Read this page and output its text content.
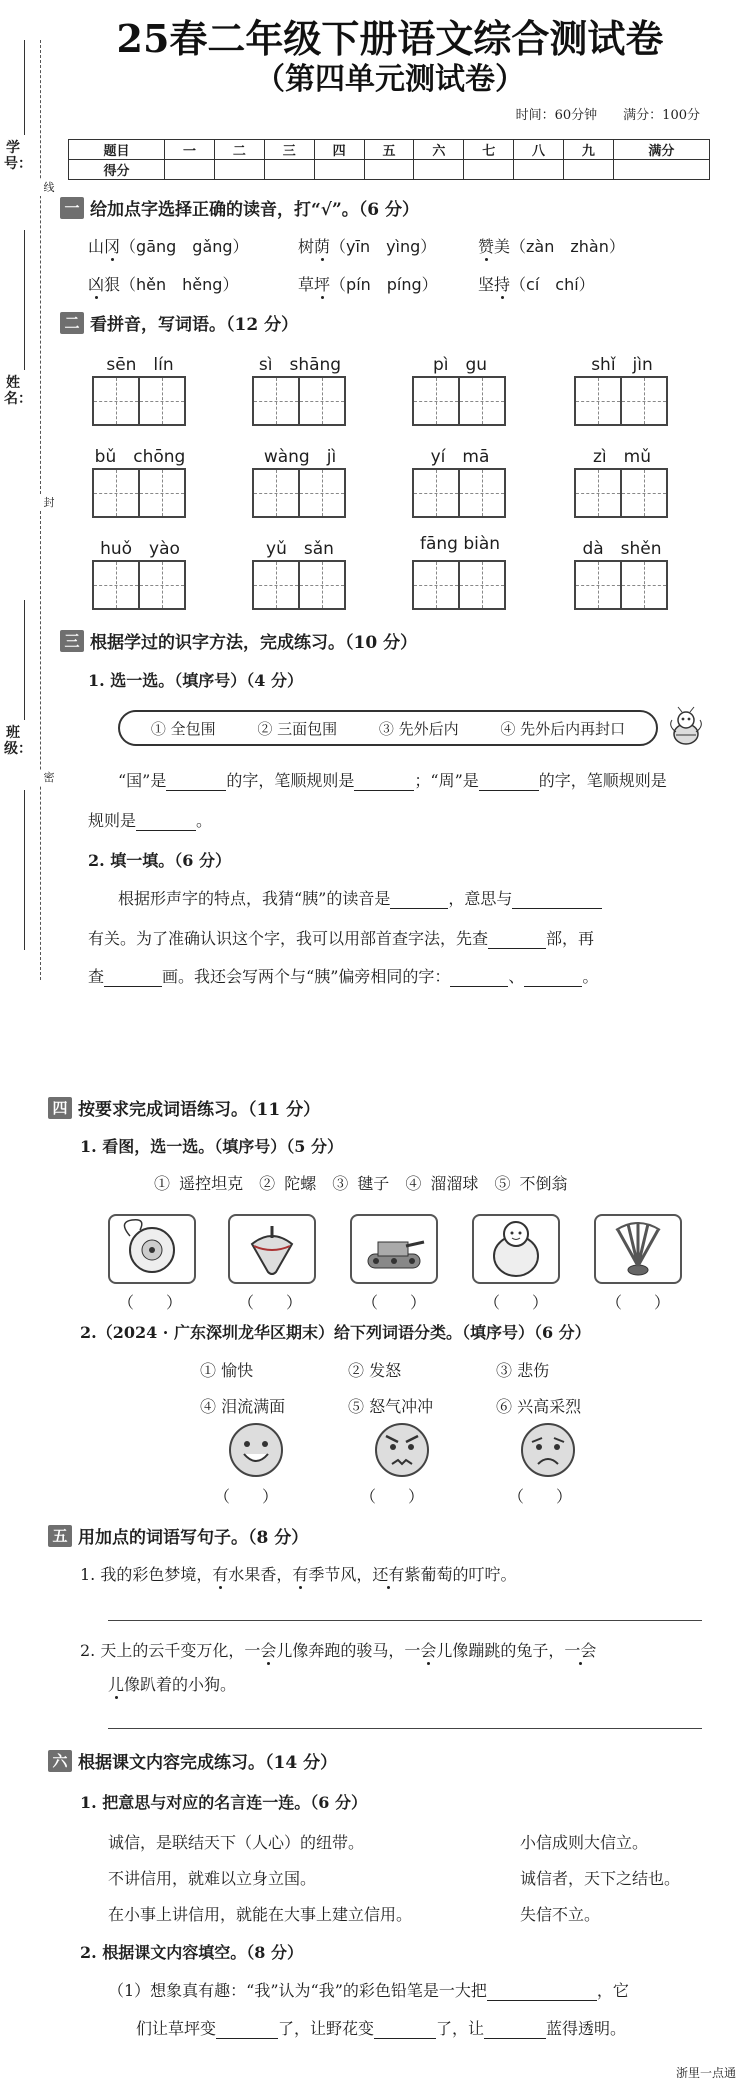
学号：
线
姓名：
封
班级：
密
25春二年级下册语文综合测试卷
（第四单元测试卷）
时间：60分钟　　 满分：100分
题目	一	二	三	四	五	六	七	八	九	满分
得分										
一 给加点字选择正确的读音，打“√”。（6 分）
山冈（gāng　gǎng）	树荫（yīn　yìng）	赞美（zàn　zhàn）
凶狠（hěn　hěng）	草坪（pín　píng）	坚持（cí　chí）
二 看拼音，写词语。（12 分）
sēn　lín	sì　shāng	pì　gu	shǐ　jìn
bǔ　chōng	wàng　jì	yí　mā	zì　mǔ
huǒ　yào	yǔ　sǎn	fāng biàn	dà　shěn
三 根据学过的识字方法，完成练习。（10 分）
1. 选一选。（填序号）（4 分）
① 全包围	② 三面包围	③ 先外后内	④ 先外后内再封口
“国”是	的字，笔顺规则是	；“周”是	的字，笔顺规则是
规则是	。
2. 填一填。（6 分）
根据形声字的特点，我猜“胰”的读音是	，意思与
有关。为了准确认识这个字，我可以用部首查字法，先查	部，再
查	画。我还会写两个与“胰”偏旁相同的字：	、	。
四 按要求完成词语练习。（11 分）
1. 看图，选一选。（填序号）（5 分）
① 遥控坦克　 ② 陀螺　 ③ 毽子　 ④ 溜溜球　 ⑤ 不倒翁
（　　）	（　　）	（　　）	（　　）	（　　）
2.（2024 · 广东深圳龙华区期末）给下列词语分类。（填序号）（6 分）
① 愉快	② 发怒	③ 悲伤
④ 泪流满面	⑤ 怒气冲冲	⑥ 兴高采烈
（　　）	（　　）	（　　）
五 用加点的词语写句子。（8 分）
1. 我的彩色梦境，有水果香，有季节风，还有紫葡萄的叮咛。
2. 天上的云千变万化，一会儿像奔跑的骏马，一会儿像蹦跳的兔子，一会
儿像趴着的小狗。
六 根据课文内容完成练习。（14 分）
1. 把意思与对应的名言连一连。（6 分）
诚信，是联结天下（人心）的纽带。
不讲信用，就难以立身立国。
在小事上讲信用，就能在大事上建立信用。
小信成则大信立。
诚信者，天下之结也。
失信不立。
2. 根据课文内容填空。（8 分）
（1）想象真有趣：“我”认为“我”的彩色铅笔是一大把	，它
们让草坪变	了，让野花变	了，让	蓝得透明。
浙里一点通
